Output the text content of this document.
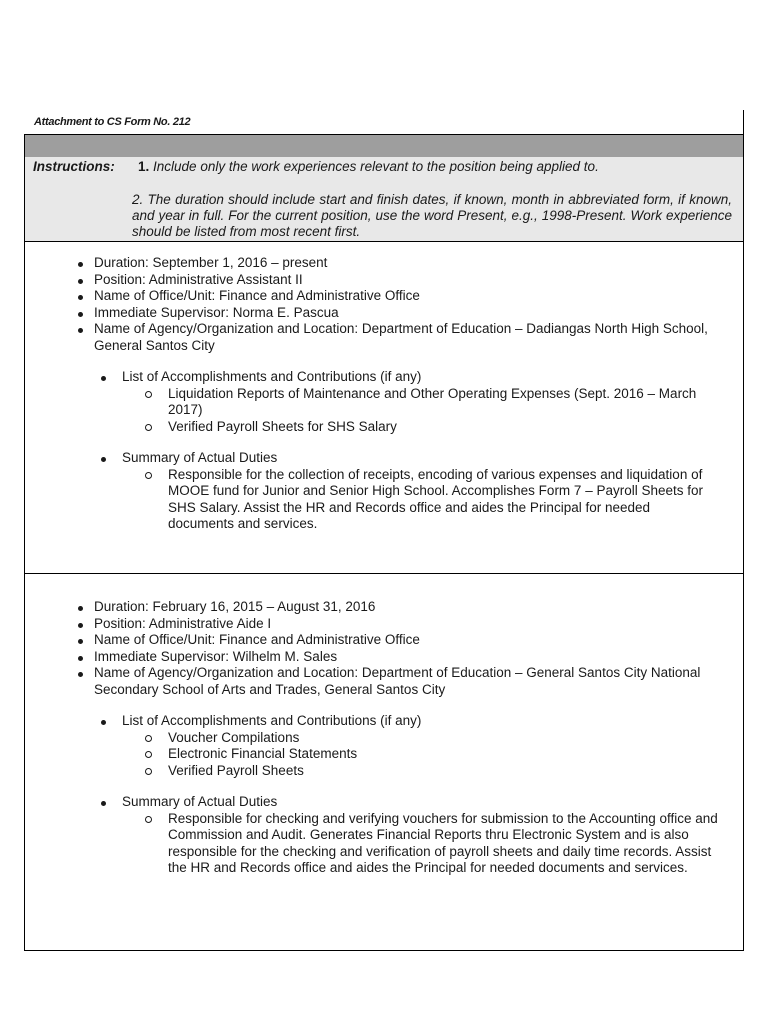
Attachment to CS Form No. 212
Instructions: 1. Include only the work experiences relevant to the position being applied to.
2. The duration should include start and finish dates, if known, month in abbreviated form, if known, and year in full. For the current position, use the word Present, e.g., 1998-Present. Work experience should be listed from most recent first.
Duration: September 1, 2016 – present
Position: Administrative Assistant II
Name of Office/Unit: Finance and Administrative Office
Immediate Supervisor: Norma E. Pascua
Name of Agency/Organization and Location: Department of Education – Dadiangas North High School, General Santos City
List of Accomplishments and Contributions (if any)
Liquidation Reports of Maintenance and Other Operating Expenses (Sept. 2016 – March 2017)
Verified Payroll Sheets for SHS Salary
Summary of Actual Duties
Responsible for the collection of receipts, encoding of various expenses and liquidation of MOOE fund for Junior and Senior High School. Accomplishes Form 7 – Payroll Sheets for SHS Salary. Assist the HR and Records office and aides the Principal for needed documents and services.
Duration: February 16, 2015 – August 31, 2016
Position: Administrative Aide I
Name of Office/Unit: Finance and Administrative Office
Immediate Supervisor: Wilhelm M. Sales
Name of Agency/Organization and Location: Department of Education – General Santos City National Secondary School of Arts and Trades, General Santos City
List of Accomplishments and Contributions (if any)
Voucher Compilations
Electronic Financial Statements
Verified Payroll Sheets
Summary of Actual Duties
Responsible for checking and verifying vouchers for submission to the Accounting office and Commission and Audit. Generates Financial Reports thru Electronic System and is also responsible for the checking and verification of payroll sheets and daily time records. Assist the HR and Records office and aides the Principal for needed documents and services.
